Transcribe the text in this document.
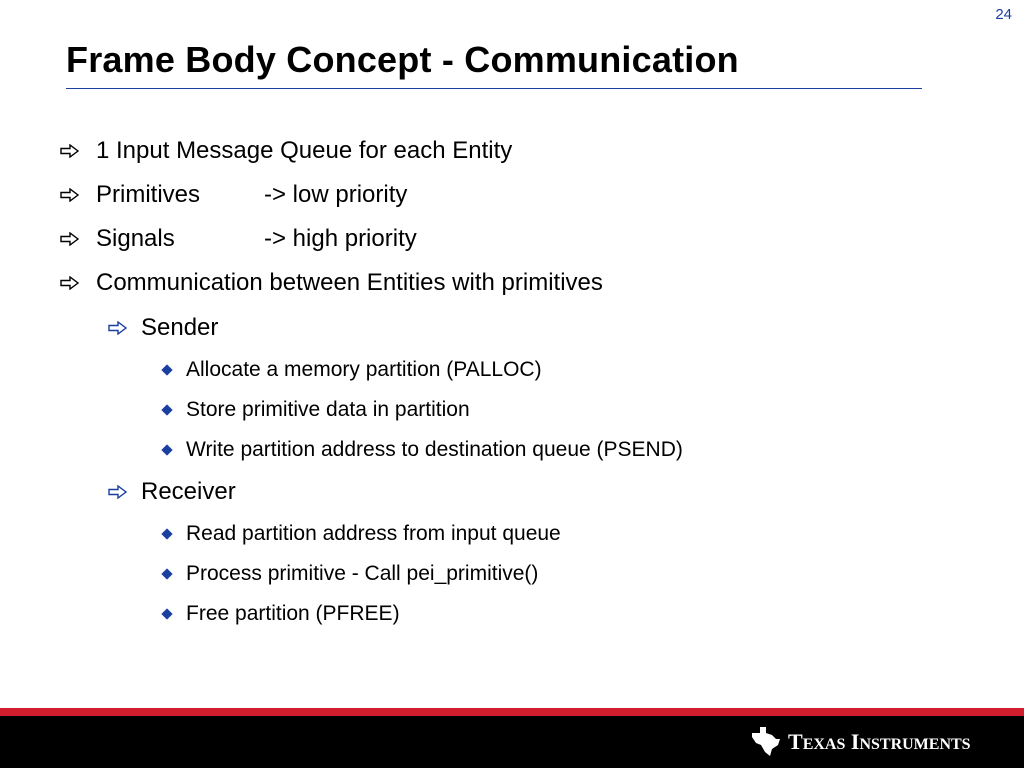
24
Frame Body Concept - Communication
1 Input Message Queue for each Entity
Primitives	-> low priority
Signals	-> high priority
Communication between Entities with primitives
Sender
Allocate a memory partition (PALLOC)
Store primitive data in partition
Write partition address to destination queue (PSEND)
Receiver
Read partition address from input queue
Process primitive - Call pei_primitive()
Free partition (PFREE)
TEXAS INSTRUMENTS
